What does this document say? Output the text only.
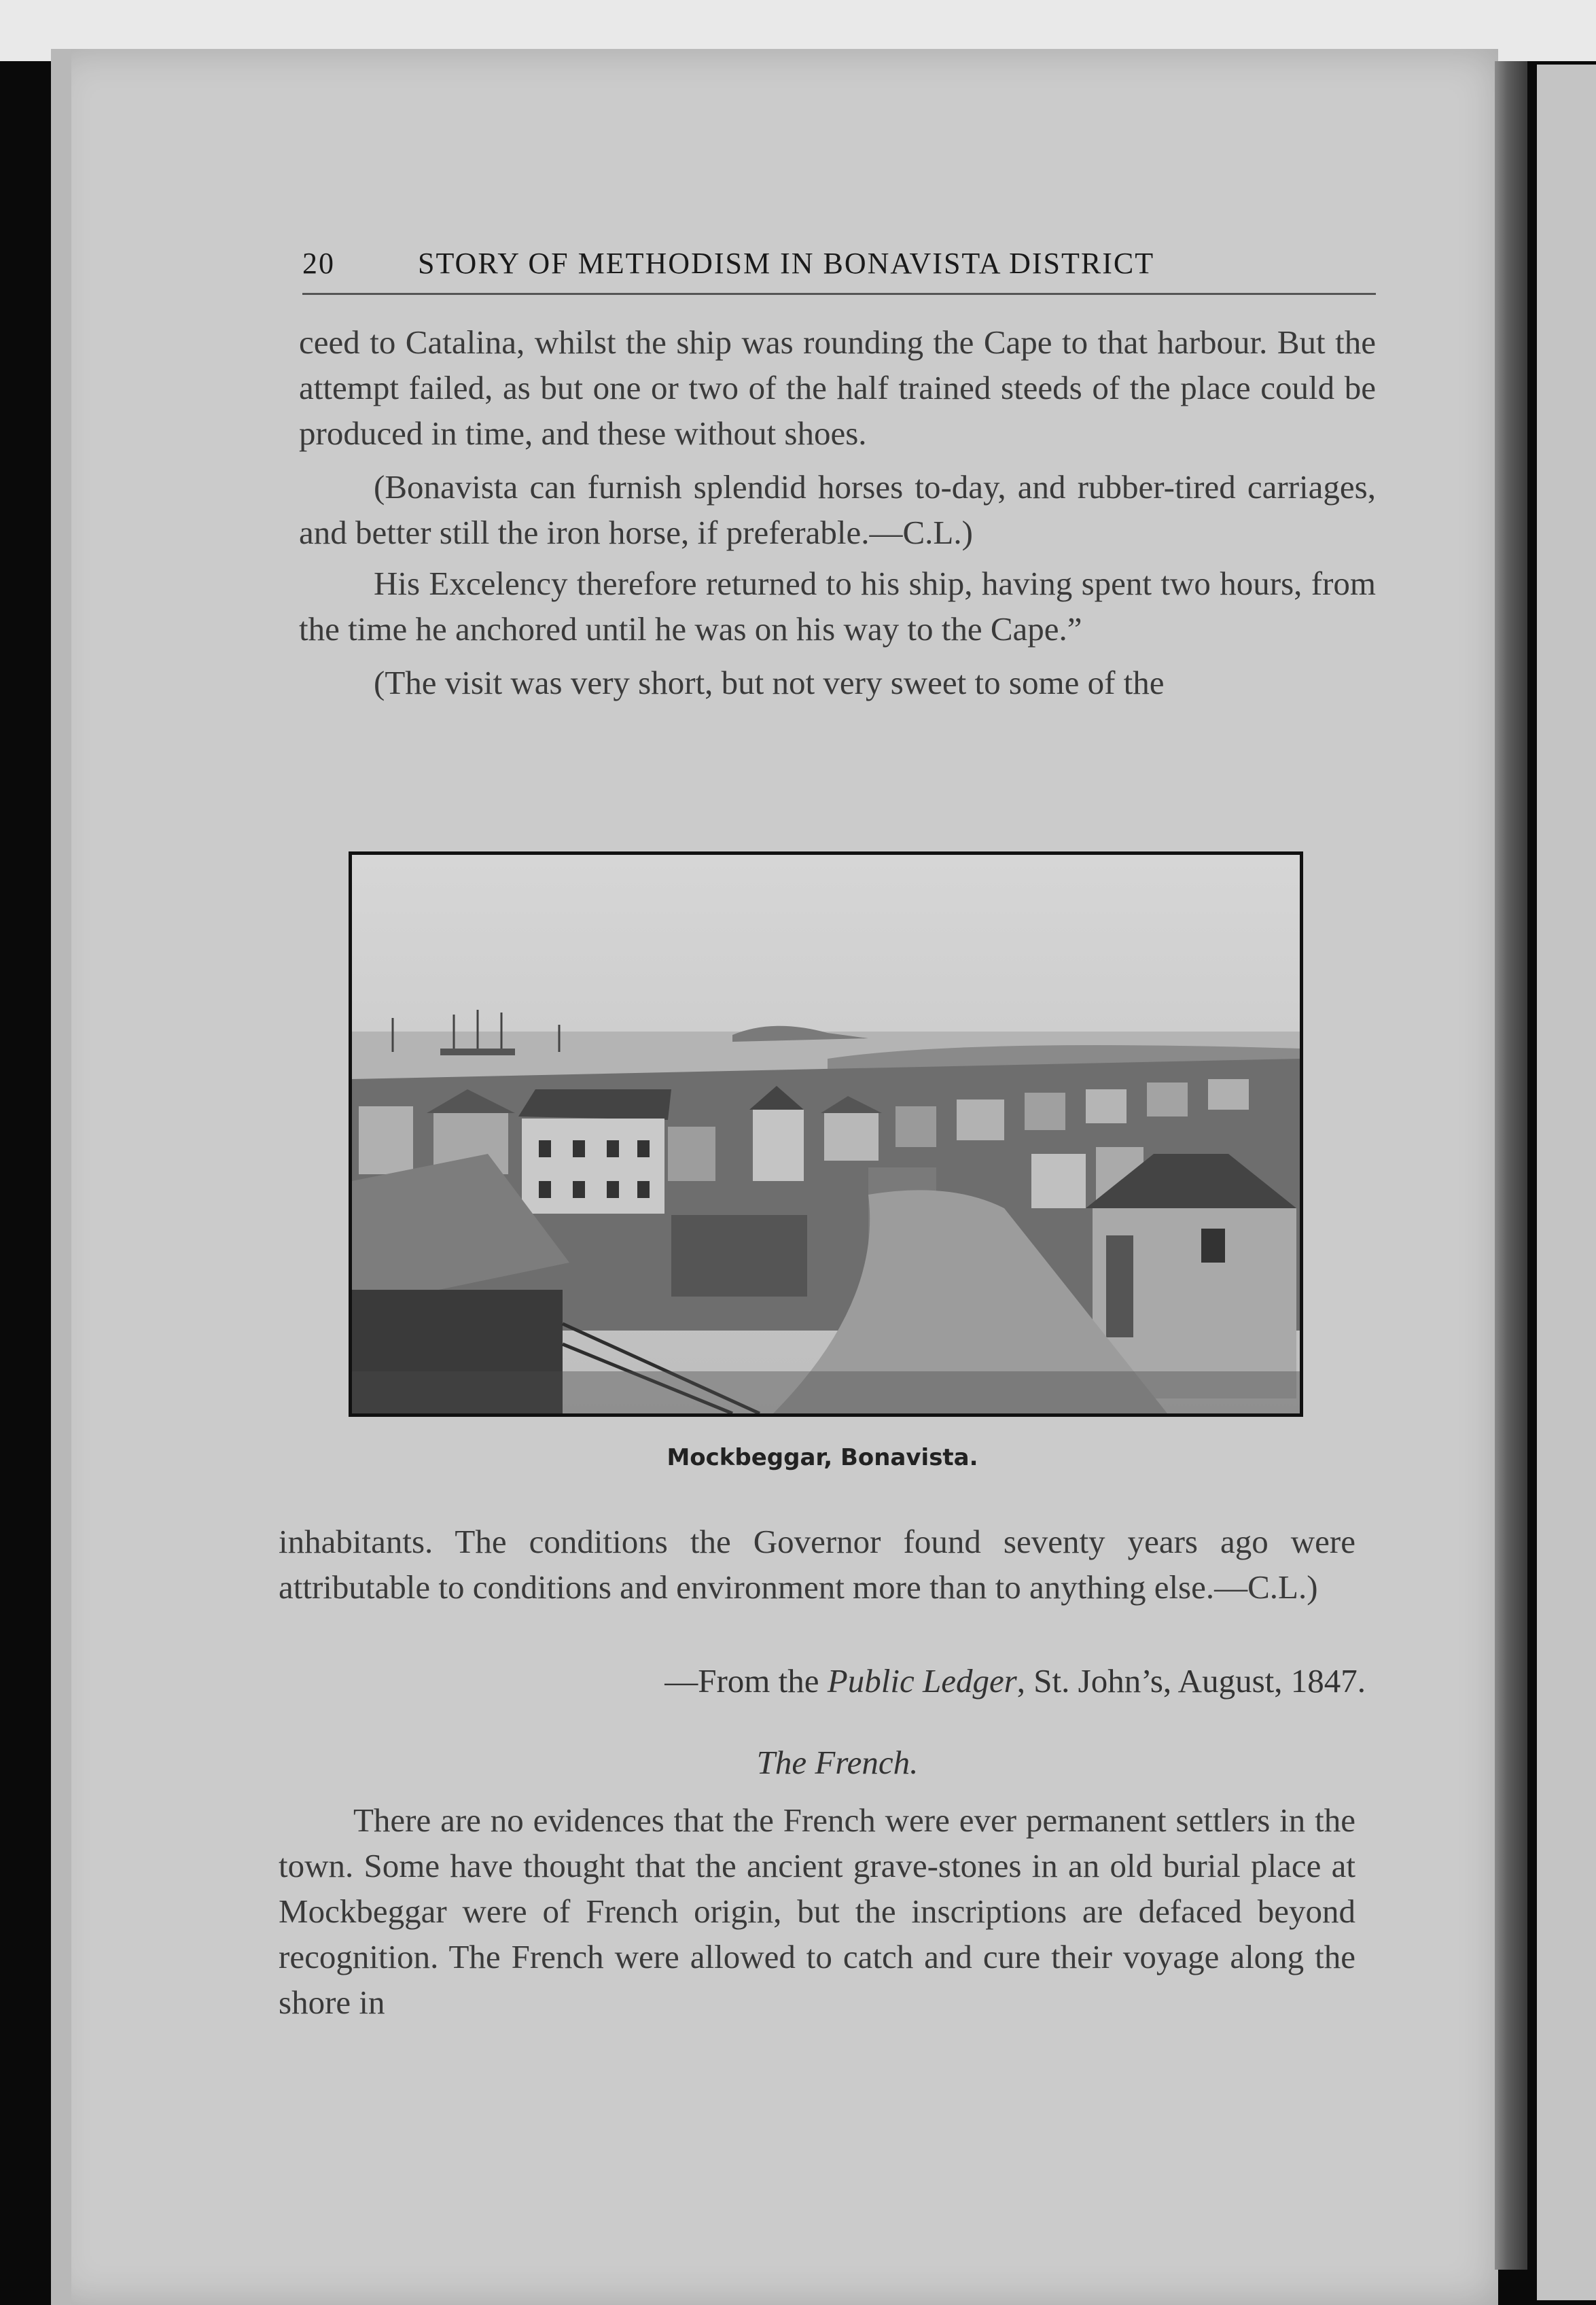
20	STORY OF METHODISM IN BONAVISTA DISTRICT

ceed to Catalina, whilst the ship was rounding the Cape to that harbour. But the attempt failed, as but one or two of the half trained steeds of the place could be produced in time, and these without shoes.

(Bonavista can furnish splendid horses to-day, and rubber-tired carriages, and better still the iron horse, if preferable.—C.L.)

His Excelency therefore returned to his ship, having spent two hours, from the time he anchored until he was on his way to the Cape.”

(The visit was very short, but not very sweet to some of the

Mockbeggar, Bonavista.

inhabitants. The conditions the Governor found seventy years ago were attributable to conditions and environment more than to anything else.—C.L.)

—From the Public Ledger, St. John’s, August, 1847.
The French.

There are no evidences that the French were ever permanent settlers in the town. Some have thought that the ancient grave-stones in an old burial place at Mockbeggar were of French origin, but the inscriptions are defaced beyond recognition. The French were allowed to catch and cure their voyage along the shore in
